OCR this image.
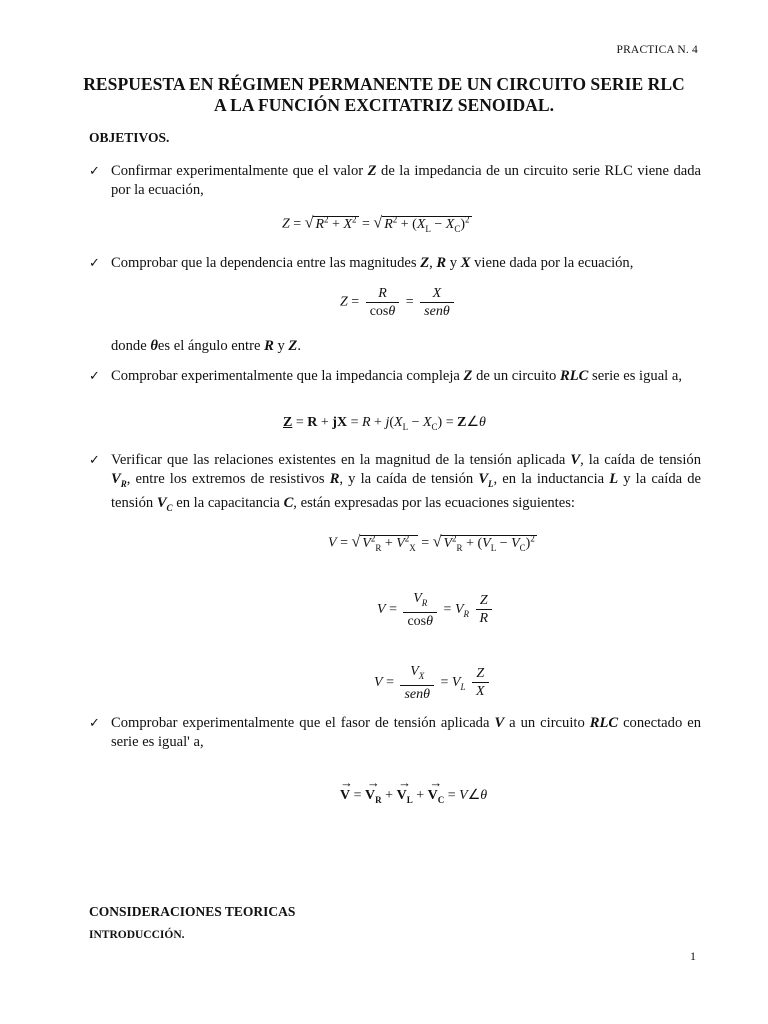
PRACTICA N. 4
RESPUESTA EN RÉGIMEN PERMANENTE DE UN CIRCUITO SERIE RLC
A LA FUNCIÓN EXCITATRIZ SENOIDAL.
OBJETIVOS.
✓ Confirmar experimentalmente que el valor Z de la impedancia de un circuito serie RLC viene dada por la ecuación,
Z = √ $R^2 + X^2$ = √ $R^2 + (X_L - X_C)^2$
✓ Comprobar que la dependencia entre las magnitudes Z, R y X viene dada por la ecuación,
$Z = \frac{R}{\cos\theta} = \frac{X}{\text{senθ}}$
donde θes el ángulo entre R y Z.
✓ Comprobar experimentalmente que la impedancia compleja Z de un circuito RLC serie es igual a,
Z = R + jX = $R + j(X_L - X_C)$ = Z∠θ
✓ Verificar que las relaciones existentes en la magnitud de la tensión aplicada V, la caída de tensión $V_R$, entre los extremos de resistivos R, y la caída de tensión $V_L$, en la inductancia L y la caída de tensión $V_C$ en la capacitancia C, están expresadas por las ecuaciones siguientes:
V = √ $V^2_R + V^2_X$ = √ $V^2_R + (V_L - V_C)^2$
$V = \frac{V_R}{\cos\theta} = V_R \frac{Z}{R}$
$V = \frac{V_X}{\text{senθ}} = V_L \frac{Z}{X}$
✓ Comprobar experimentalmente que el fasor de tensión aplicada V a un circuito RLC conectado en serie es igual' a,
→ V = → $V_R$ + → $V_L$ + → $V_C$ = V∠θ
CONSIDERACIONES TEORICAS
INTRODUCCIÓN.
1
